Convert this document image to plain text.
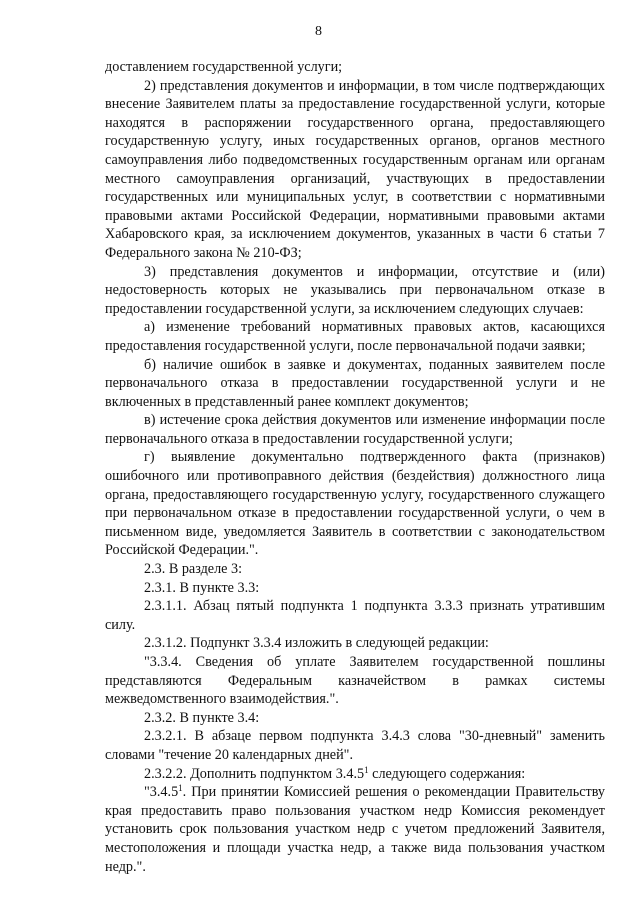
8

доставлением государственной услуги;

2) представления документов и информации, в том числе подтверждающих внесение Заявителем платы за предоставление государственной услуги, которые находятся в распоряжении государственного органа, предоставляющего государственную услугу, иных государственных органов, органов местного самоуправления либо подведомственных государственным органам или органам местного самоуправления организаций, участвующих в предоставлении государственных или муниципальных услуг, в соответствии с нормативными правовыми актами Российской Федерации, нормативными правовыми актами Хабаровского края, за исключением документов, указанных в части 6 статьи 7 Федерального закона № 210-ФЗ;

3) представления документов и информации, отсутствие и (или) недостоверность которых не указывались при первоначальном отказе в предоставлении государственной услуги, за исключением следующих случаев:

а) изменение требований нормативных правовых актов, касающихся предоставления государственной услуги, после первоначальной подачи заявки;

б) наличие ошибок в заявке и документах, поданных заявителем после первоначального отказа в предоставлении государственной услуги и не включенных в представленный ранее комплект документов;

в) истечение срока действия документов или изменение информации после первоначального отказа в предоставлении государственной услуги;

г) выявление документально подтвержденного факта (признаков) ошибочного или противоправного действия (бездействия) должностного лица органа, предоставляющего государственную услугу, государственного служащего при первоначальном отказе в предоставлении государственной услуги, о чем в письменном виде, уведомляется Заявитель в соответствии с законодательством Российской Федерации.".

2.3. В разделе 3:

2.3.1. В пункте 3.3:

2.3.1.1. Абзац пятый подпункта 1 подпункта 3.3.3 признать утратившим силу.

2.3.1.2. Подпункт 3.3.4 изложить в следующей редакции:

"3.3.4. Сведения об уплате Заявителем государственной пошлины представляются Федеральным казначейством в рамках системы межведомственного взаимодействия.".

2.3.2. В пункте 3.4:

2.3.2.1. В абзаце первом подпункта 3.4.3 слова "30-дневный" заменить словами "течение 20 календарных дней".

2.3.2.2. Дополнить подпунктом 3.4.5$^1$ следующего содержания:

"3.4.5$^1$. При принятии Комиссией решения о рекомендации Правительству края предоставить право пользования участком недр Комиссия рекомендует установить срок пользования участком недр с учетом предложений Заявителя, местоположения и площади участка недр, а также вида пользования участком недр.".
